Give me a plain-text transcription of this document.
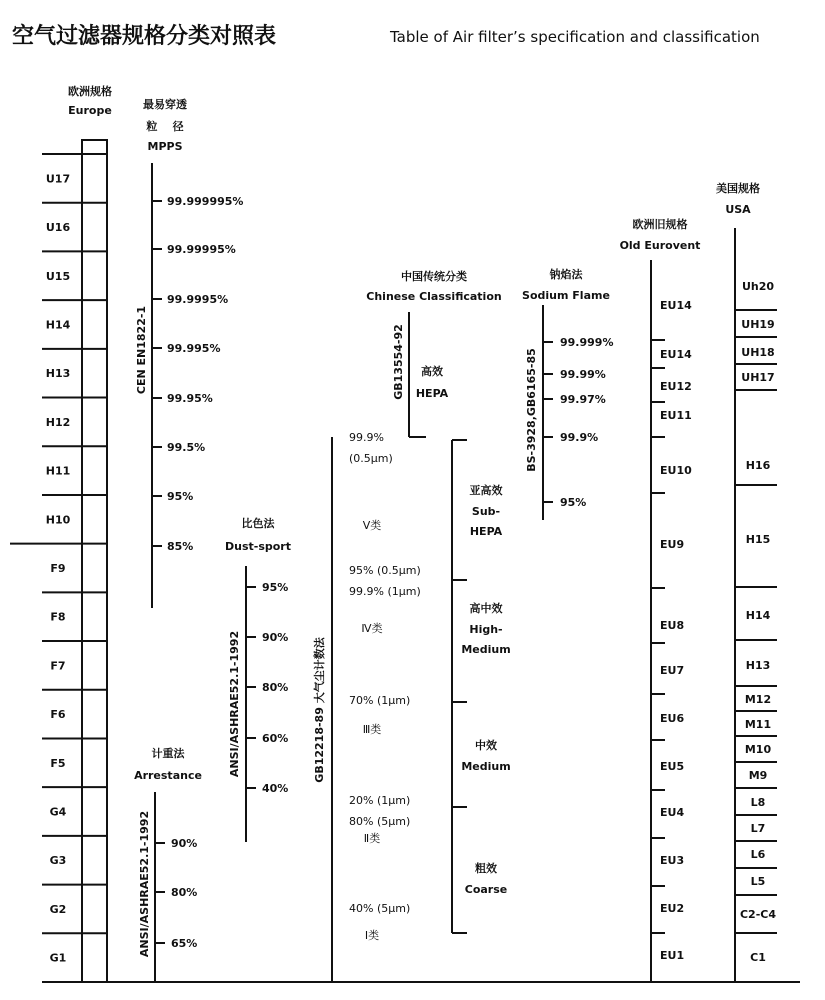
空气过滤器规格分类对照表	Table of Air filter’s specification and classification
欧洲规格
Europe
U17
U16
U15
H14
H13
H12
H11
H10
F9
F8
F7
F6
F5
G4
G3
G2
G1
最易穿透
粒    径
MPPS
CEN EN1822-1
99.999995%
99.99995%
99.9995%
99.995%
99.95%
99.5%
95%
85%
计重法
Arrestance
ANSI/ASHRAE52.1-1992 90%
80%
65%
比色法
Dust-sport
ANSI/ASHRAE52.1-1992
95%
90%
80%
60%
40%
GB12218-89 大气尘计数法
99.9%
(0.5μm)
95% (0.5μm)
99.9% (1μm)
70% (1μm)
20% (1μm)
80% (5μm)
40% (5μm)
Ⅴ类
Ⅳ类
Ⅲ类
Ⅱ类
Ⅰ类
中国传统分类
Chinese Classification
GB13554-92 高效
HEPA
亚高效
Sub-
HEPA
高中效
High-
Medium
中效
Medium
粗效
Coarse
钠焰法
Sodium Flame
BS-3928,GB6165-85
99.999%
99.99%
99.97%
99.9%
95%
欧洲旧规格
Old Eurovent
EU14
EU14
EU12
EU11
EU10
EU9
EU8
EU7
EU6
EU5
EU4
EU3
EU2
EU1
美国规格
USA
Uh20
UH19
UH18
UH17
H16
H15
H14
H13
M12
M11
M10
M9
L8
L7
L6
L5
C2-C4
C1
